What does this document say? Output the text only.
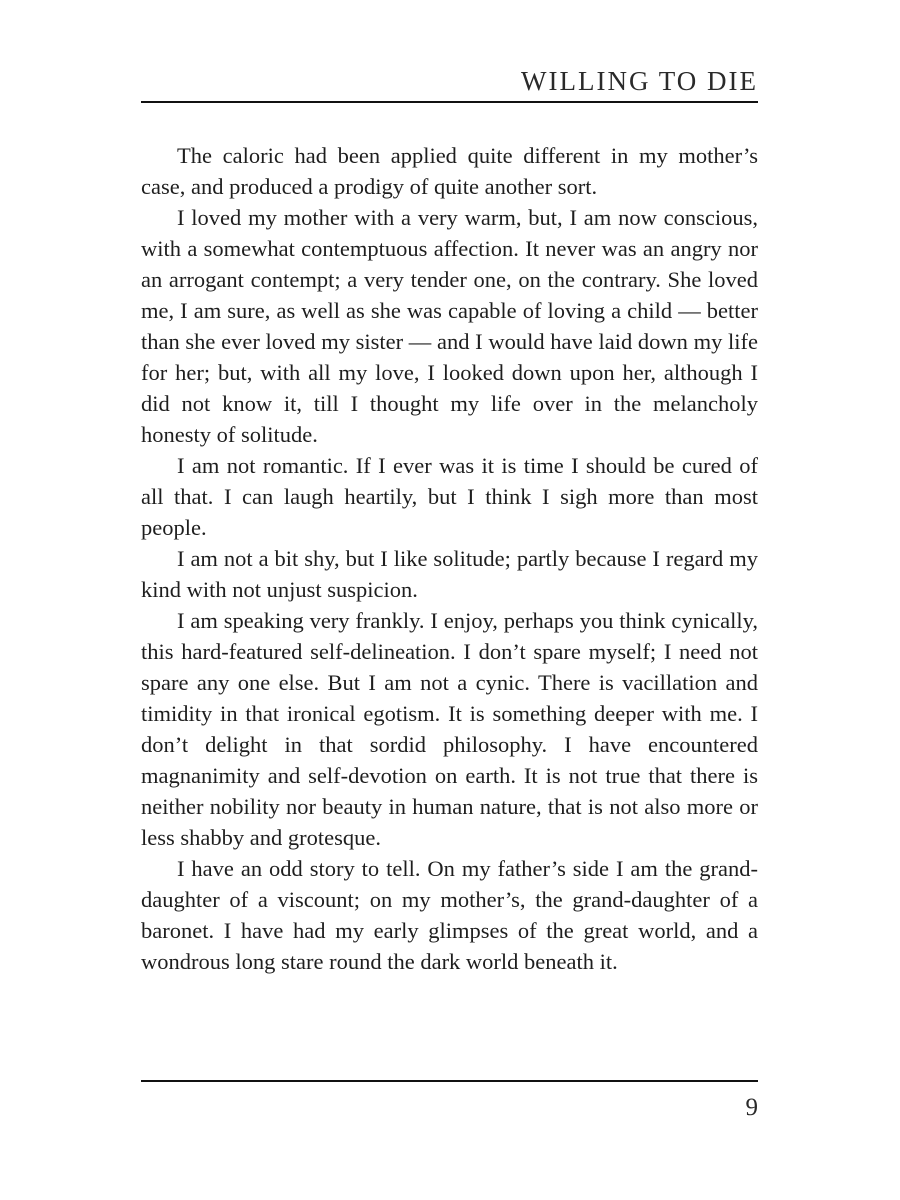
WILLING TO DIE

The caloric had been applied quite different in my mother’s case, and produced a prodigy of quite another sort.

I loved my mother with a very warm, but, I am now conscious, with a somewhat contemptuous affection. It never was an angry nor an arrogant contempt; a very tender one, on the contrary. She loved me, I am sure, as well as she was capable of loving a child — better than she ever loved my sister — and I would have laid down my life for her; but, with all my love, I looked down upon her, although I did not know it, till I thought my life over in the melancholy honesty of solitude.

I am not romantic. If I ever was it is time I should be cured of all that. I can laugh heartily, but I think I sigh more than most people.

I am not a bit shy, but I like solitude; partly because I regard my kind with not unjust suspicion.

I am speaking very frankly. I enjoy, perhaps you think cynically, this hard-featured self-delineation. I don’t spare myself; I need not spare any one else. But I am not a cynic. There is vacillation and timidity in that ironical egotism. It is something deeper with me. I don’t delight in that sordid philosophy. I have encountered magnanimity and self-devotion on earth. It is not true that there is neither nobility nor beauty in human nature, that is not also more or less shabby and grotesque.

I have an odd story to tell. On my father’s side I am the grand-daughter of a viscount; on my mother’s, the grand-daughter of a baronet. I have had my early glimpses of the great world, and a wondrous long stare round the dark world beneath it.

9
